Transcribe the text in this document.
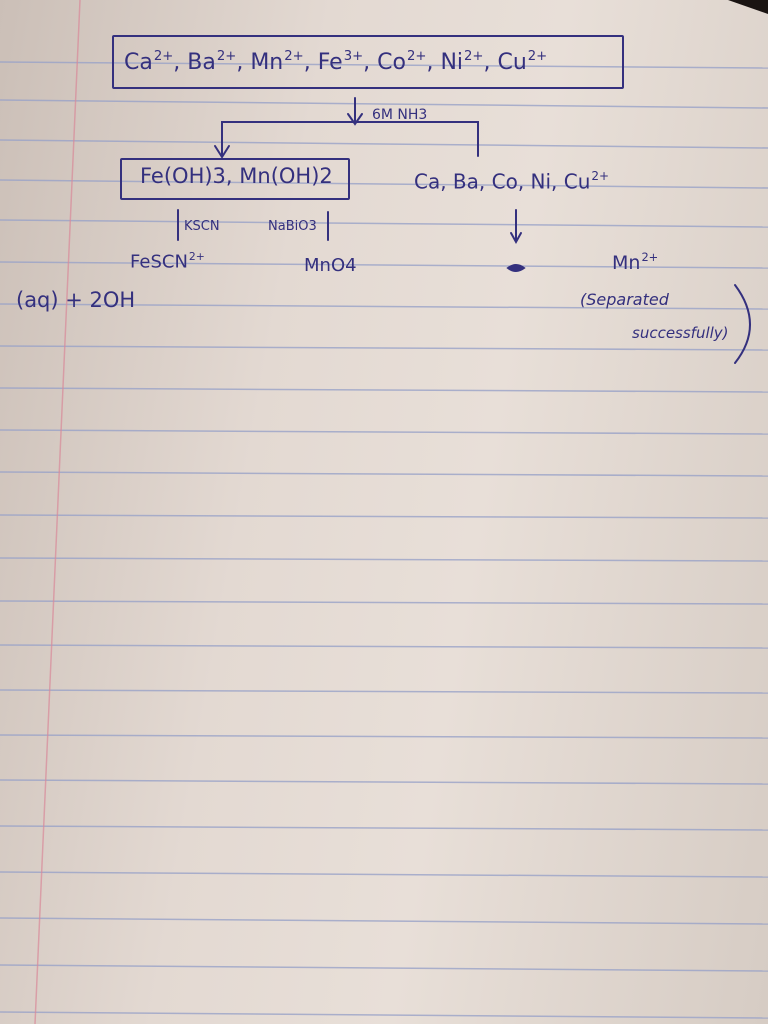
$Ca^{2+}$, $Ba^{2+}$, $Mn^{2+}$, $Fe^{3+}$, $Co^{2+}$, $Ni^{2+}$, $Cu^{2+}$
6M NH3
Fe(OH)3, Mn(OH)2	Ca, Ba, Co, Ni, $Cu^{2+}$
KSCN	NaBiO3
FeSCN$^{2+}$	MnO4	$Mn^{2+}$
(Separated
successfully)
(aq) + 2OH
